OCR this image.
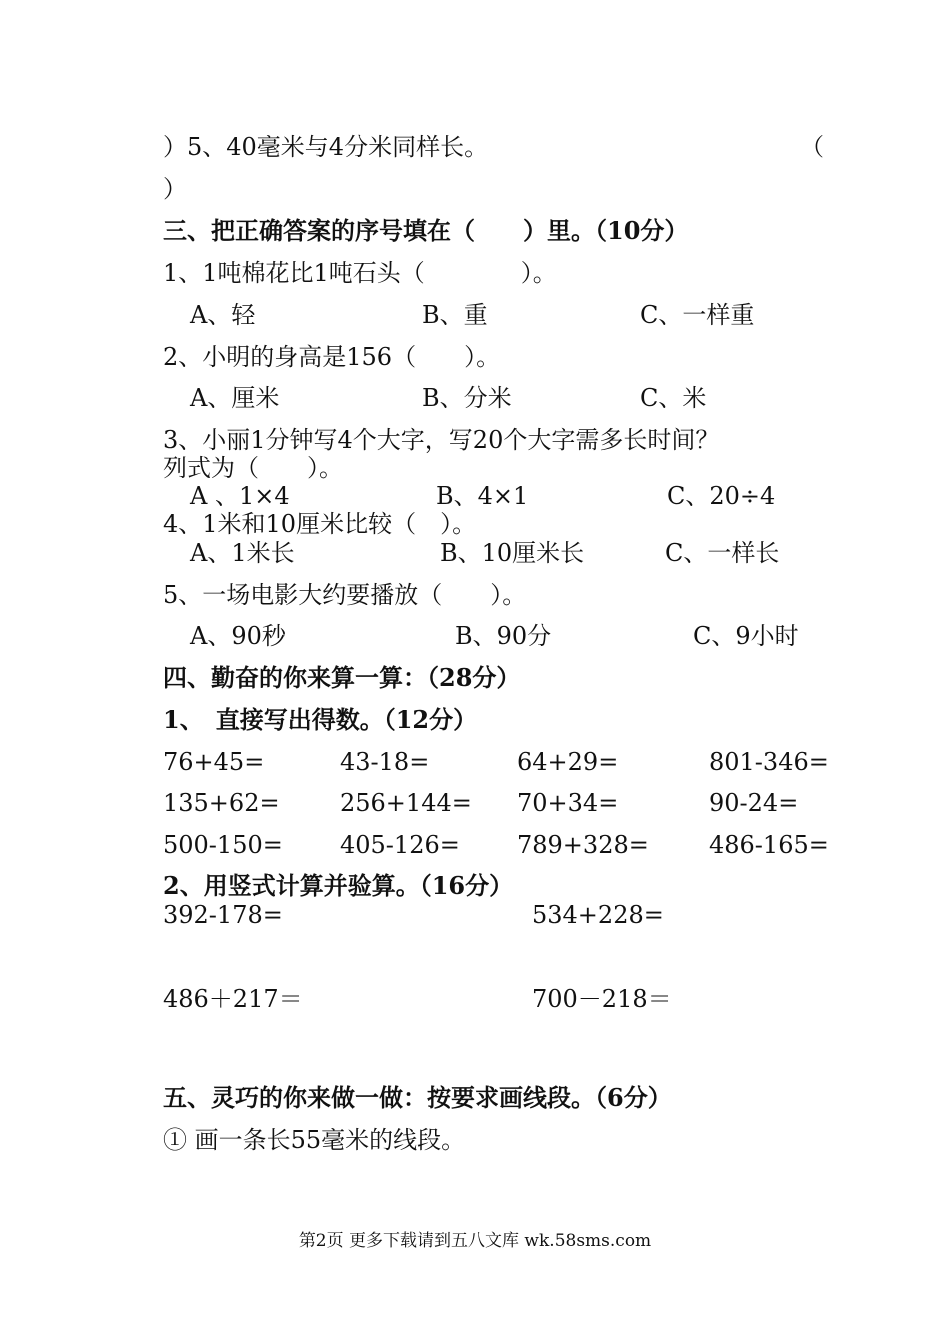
）5、40毫米与4分米同样长。	（
）
三、把正确答案的序号填在（　　）里。（10分）
1、1吨棉花比1吨石头（　　　　）。
A、轻	B、重	C、一样重
2、小明的身高是156（　　）。
A、厘米	B、分米	C、米
3、小丽1分钟写4个大字，写20个大字需多长时间？
列式为（　　）。
A 、1×4	B、4×1	C、20÷4
4、1米和10厘米比较（　）。
A、1米长	B、10厘米长	C、一样长
5、一场电影大约要播放（　　）。
A、90秒	B、90分	C、9小时
四、勤奋的你来算一算：（28分）
1、　直接写出得数。（12分）
76+45=	43-18=	64+29=	801-346=
135+62=	256+144= 70+34=	90-24=
500-150= 405-126= 789+328=	486-165=
2、用竖式计算并验算。（16分）
392-178=	534+228=
486＋217＝	700－218＝
五、灵巧的你来做一做：按要求画线段。（6分）
① 画一条长55毫米的线段。
第2页 更多下载请到五八文库 wk.58sms.com
